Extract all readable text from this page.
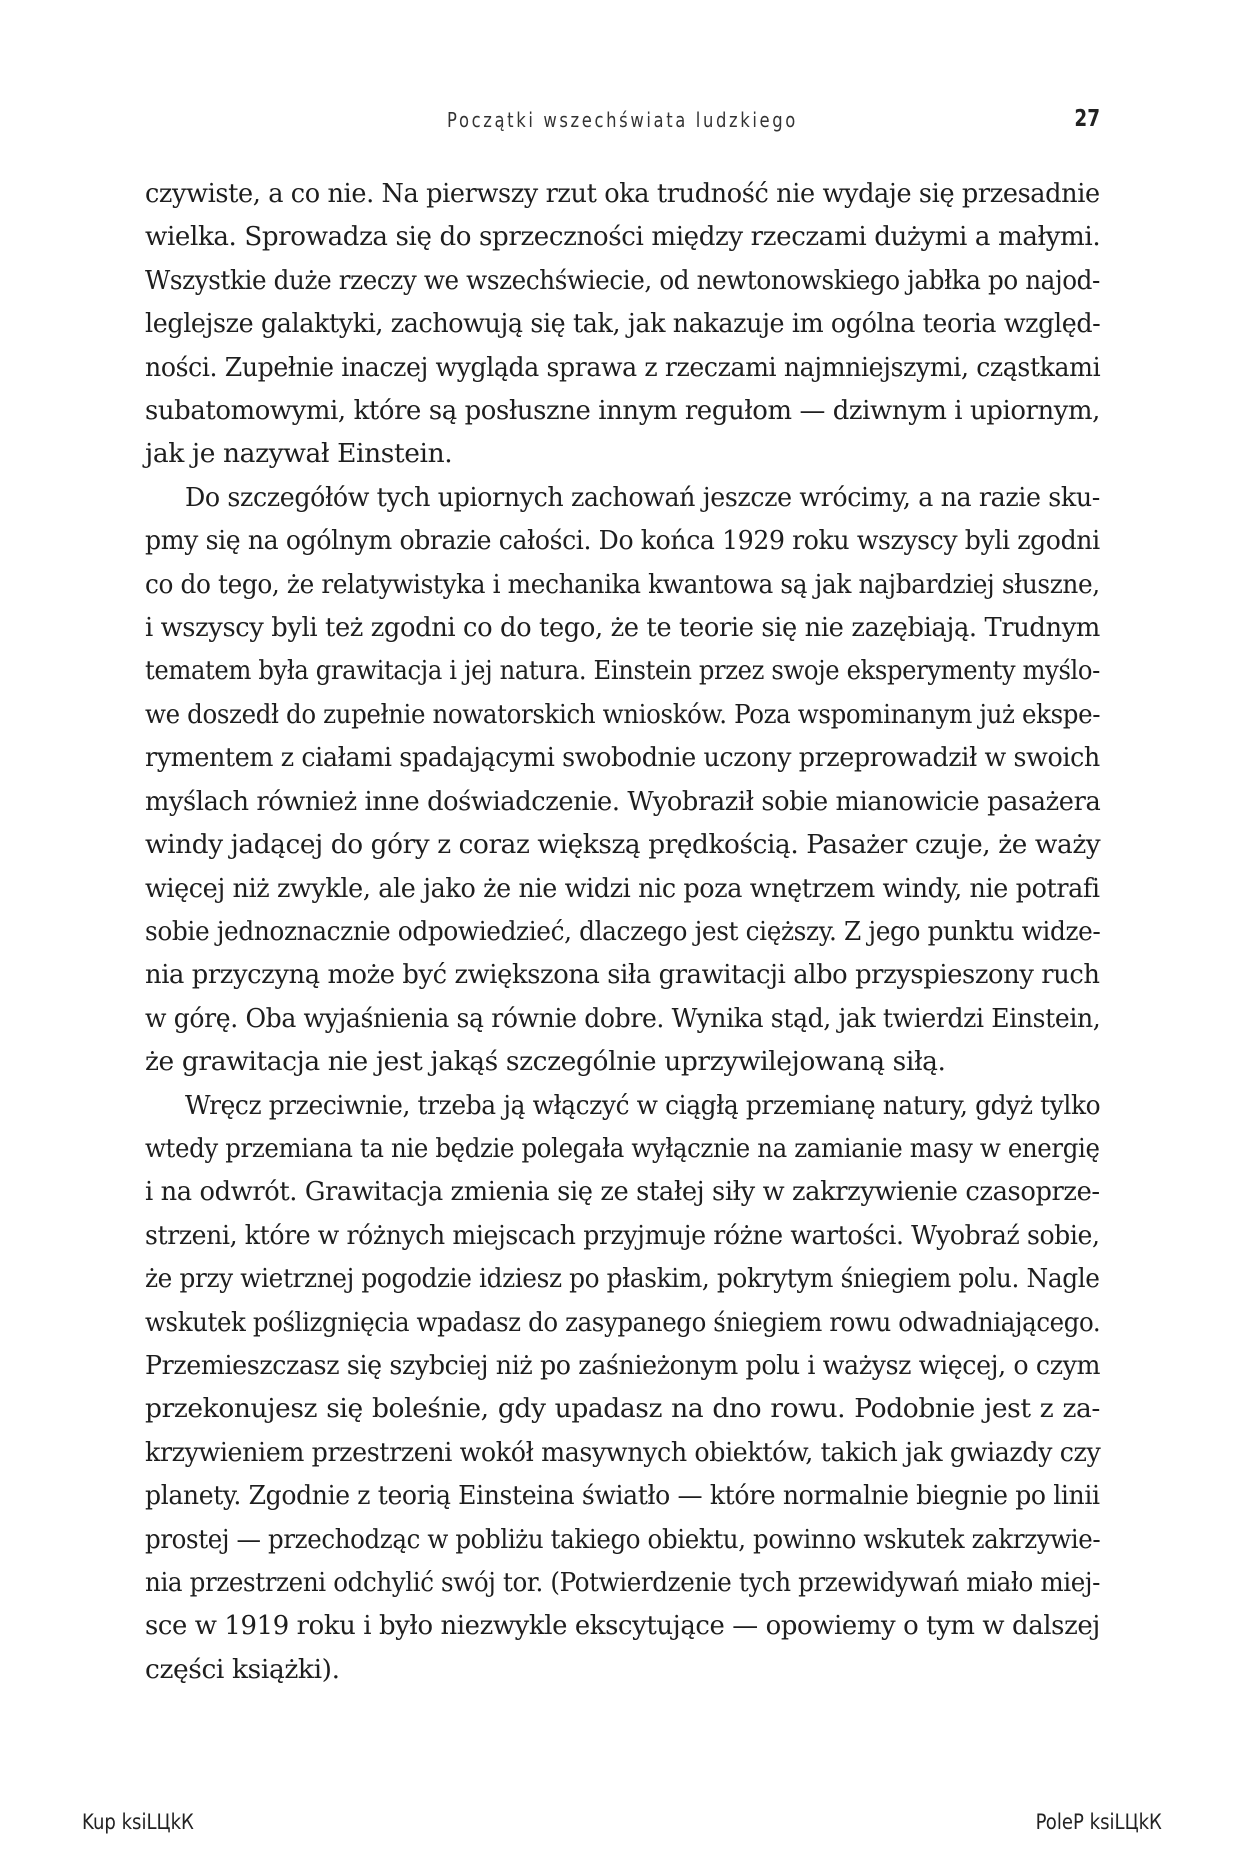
Początki wszechświata ludzkiego	27

czywiste, a co nie. Na pierwszy rzut oka trudność nie wydaje się przesadnie
wielka. Sprowadza się do sprzeczności między rzeczami dużymi a małymi.
Wszystkie duże rzeczy we wszechświecie, od newtonowskiego jabłka po najod-
leglejsze galaktyki, zachowują się tak, jak nakazuje im ogólna teoria względ-
ności. Zupełnie inaczej wygląda sprawa z rzeczami najmniejszymi, cząstkami
subatomowymi, które są posłuszne innym regułom — dziwnym i upiornym,
jak je nazywał Einstein.

Do szczegółów tych upiornych zachowań jeszcze wrócimy, a na razie sku-
pmy się na ogólnym obrazie całości. Do końca 1929 roku wszyscy byli zgodni
co do tego, że relatywistyka i mechanika kwantowa są jak najbardziej słuszne,
i wszyscy byli też zgodni co do tego, że te teorie się nie zazębiają. Trudnym
tematem była grawitacja i jej natura. Einstein przez swoje eksperymenty myślo-
we doszedł do zupełnie nowatorskich wniosków. Poza wspominanym już ekspe-
rymentem z ciałami spadającymi swobodnie uczony przeprowadził w swoich
myślach również inne doświadczenie. Wyobraził sobie mianowicie pasażera
windy jadącej do góry z coraz większą prędkością. Pasażer czuje, że waży
więcej niż zwykle, ale jako że nie widzi nic poza wnętrzem windy, nie potrafi
sobie jednoznacznie odpowiedzieć, dlaczego jest cięższy. Z jego punktu widze-
nia przyczyną może być zwiększona siła grawitacji albo przyspieszony ruch
w górę. Oba wyjaśnienia są równie dobre. Wynika stąd, jak twierdzi Einstein,
że grawitacja nie jest jakąś szczególnie uprzywilejowaną siłą.

Wręcz przeciwnie, trzeba ją włączyć w ciągłą przemianę natury, gdyż tylko
wtedy przemiana ta nie będzie polegała wyłącznie na zamianie masy w energię
i na odwrót. Grawitacja zmienia się ze stałej siły w zakrzywienie czasoprze-
strzeni, które w różnych miejscach przyjmuje różne wartości. Wyobraź sobie,
że przy wietrznej pogodzie idziesz po płaskim, pokrytym śniegiem polu. Nagle
wskutek poślizgnięcia wpadasz do zasypanego śniegiem rowu odwadniającego.
Przemieszczasz się szybciej niż po zaśnieżonym polu i ważysz więcej, o czym
przekonujesz się boleśnie, gdy upadasz na dno rowu. Podobnie jest z za-
krzywieniem przestrzeni wokół masywnych obiektów, takich jak gwiazdy czy
planety. Zgodnie z teorią Einsteina światło — które normalnie biegnie po linii
prostej — przechodząc w pobliżu takiego obiektu, powinno wskutek zakrzywie-
nia przestrzeni odchylić swój tor. (Potwierdzenie tych przewidywań miało miej-
sce w 1919 roku i było niezwykle ekscytujące — opowiemy o tym w dalszej
części książki).

Kup ksiLЦkК	PoleР ksiLЦkК
